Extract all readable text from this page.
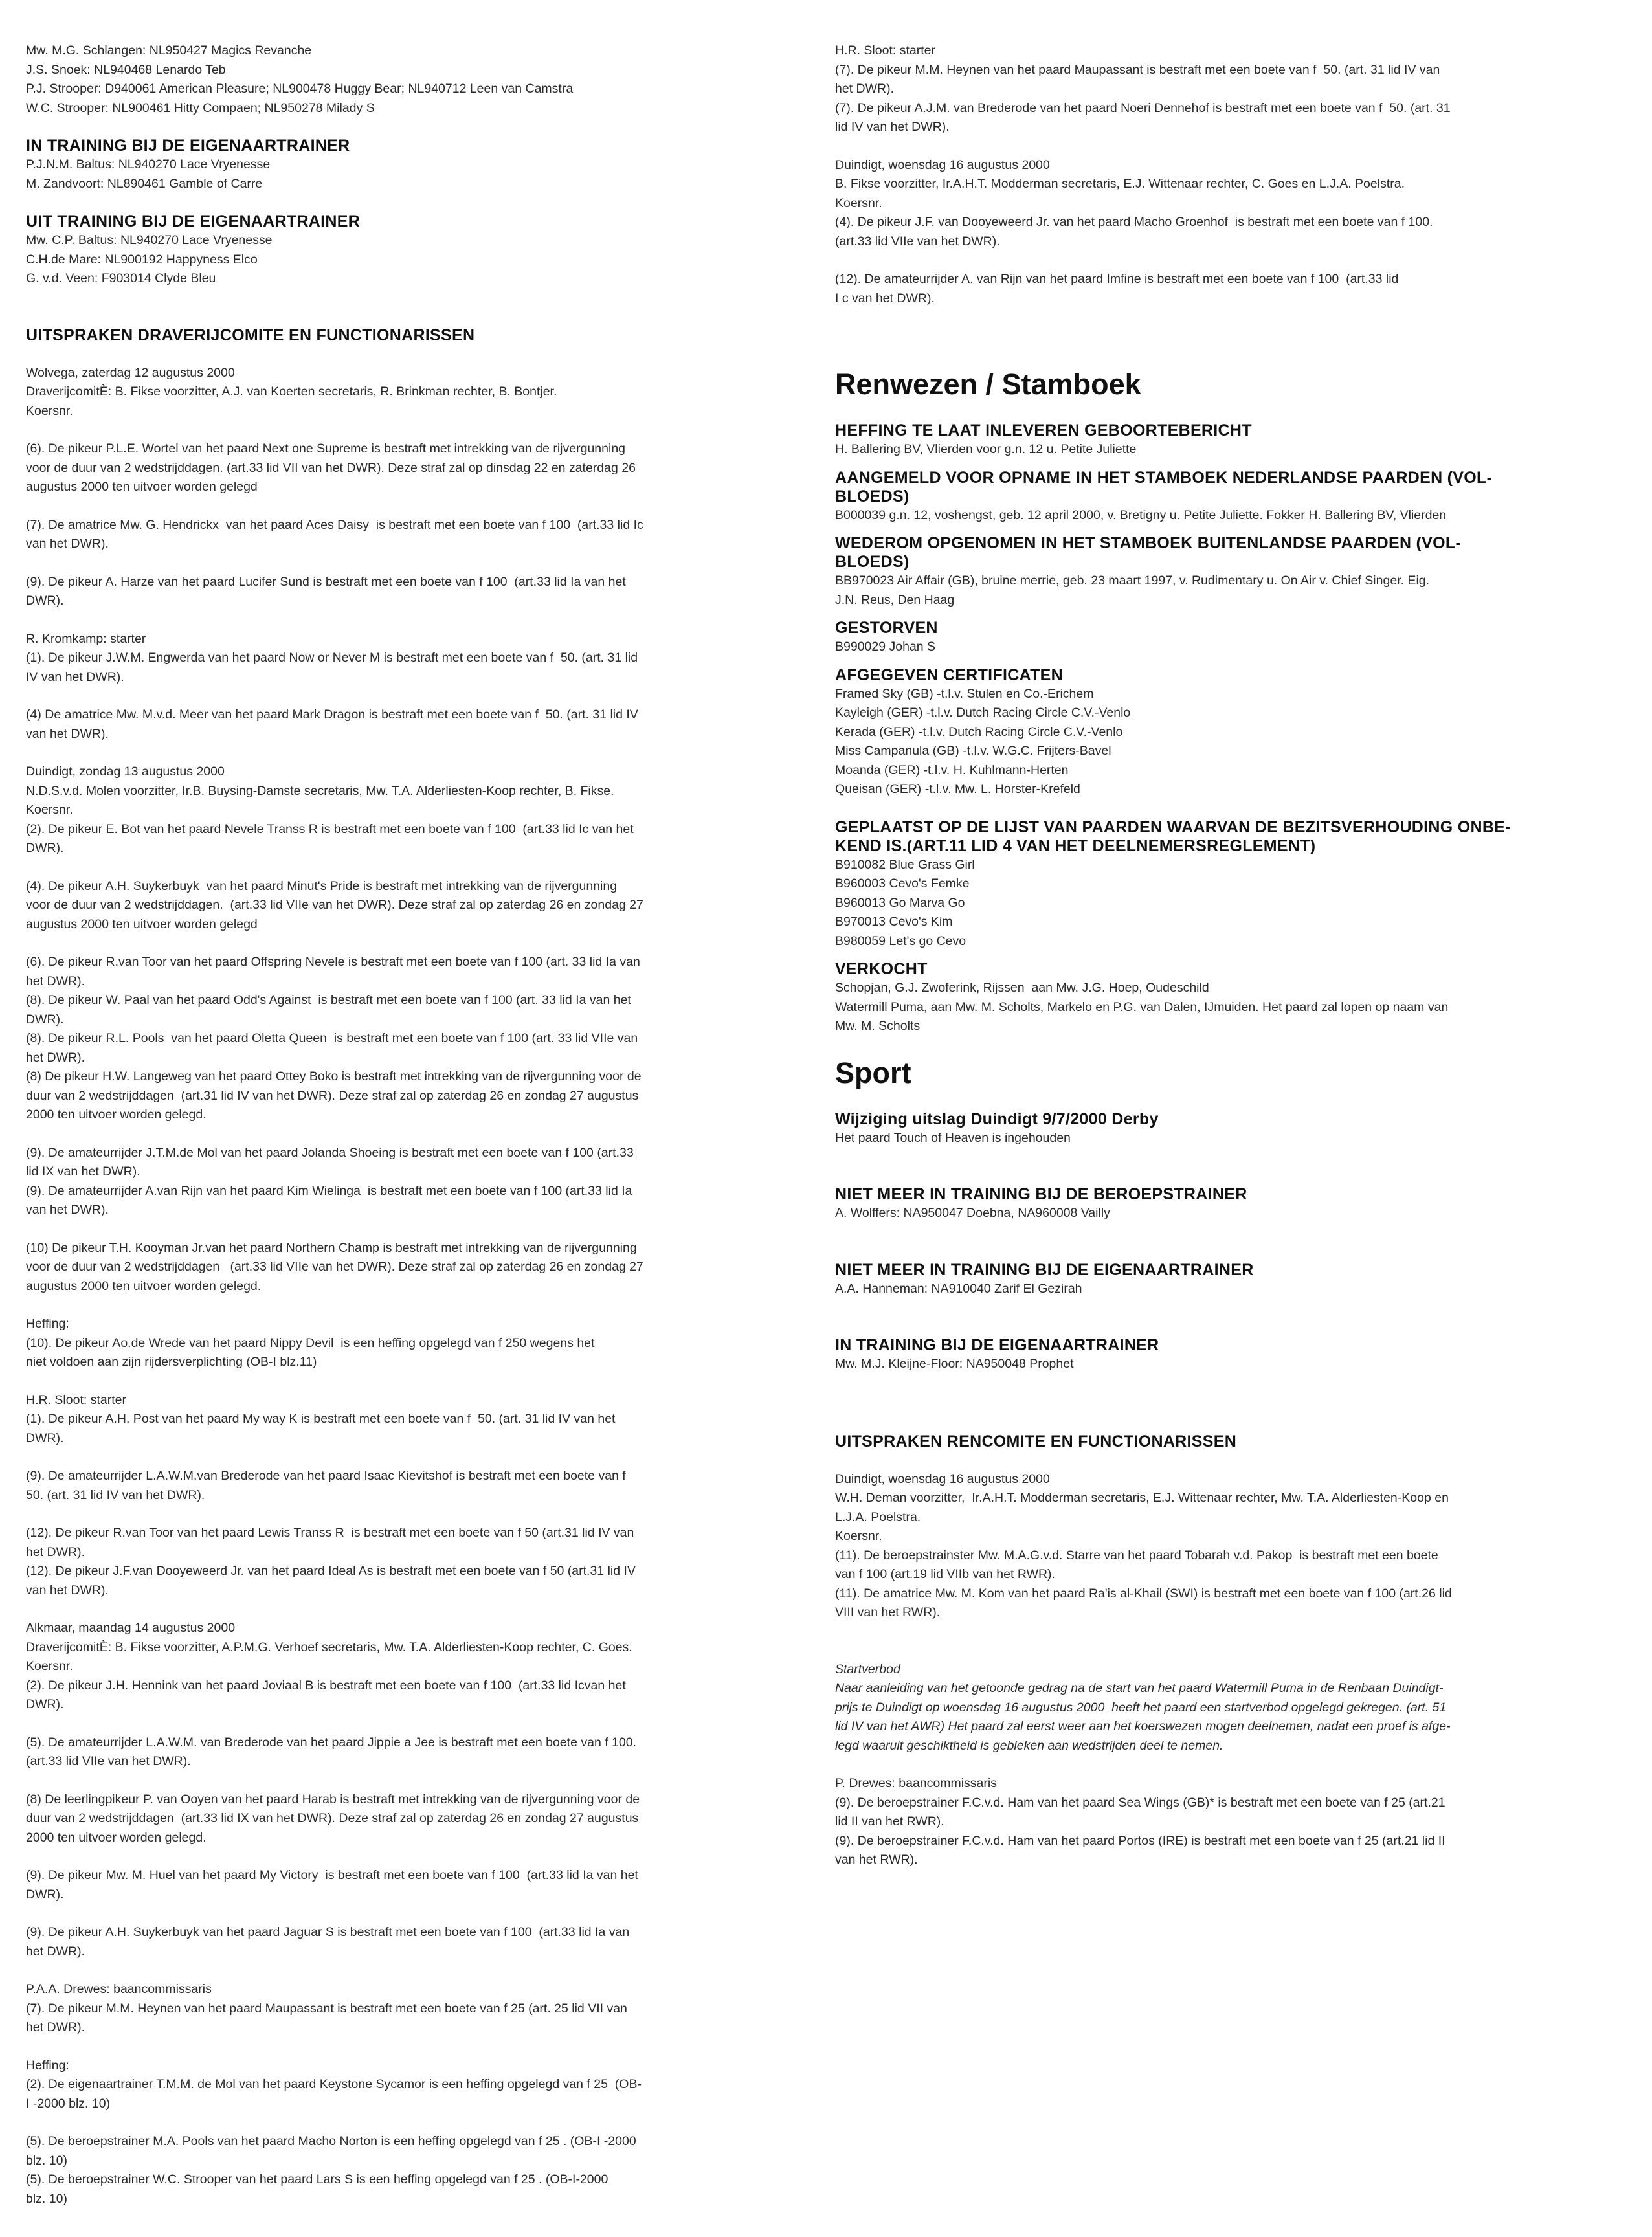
Mw. M.G. Schlangen: NL950427 Magics Revanche
J.S. Snoek: NL940468 Lenardo Teb
P.J. Strooper: D940061 American Pleasure; NL900478 Huggy Bear; NL940712 Leen van Camstra
W.C. Strooper: NL900461 Hitty Compaen; NL950278 Milady S
IN TRAINING BIJ DE EIGENAARTRAINER
P.J.N.M. Baltus: NL940270 Lace Vryenesse
M. Zandvoort: NL890461 Gamble of Carre
UIT TRAINING BIJ DE EIGENAARTRAINER
Mw. C.P. Baltus: NL940270 Lace Vryenesse
C.H.de Mare: NL900192 Happyness Elco
G. v.d. Veen: F903014 Clyde Bleu
UITSPRAKEN DRAVERIJCOMITE EN FUNCTIONARISSEN
Wolvega, zaterdag 12 augustus 2000
DraverijcomitÈ: B. Fikse voorzitter, A.J. van Koerten secretaris, R. Brinkman rechter, B. Bontjer.
Koersnr.
(6). De pikeur P.L.E. Wortel van het paard Next one Supreme is bestraft met intrekking van de rijvergunning
voor de duur van 2 wedstrijddagen. (art.33 lid VII van het DWR). Deze straf zal op dinsdag 22 en zaterdag 26
augustus 2000 ten uitvoer worden gelegd
(7). De amatrice Mw. G. Hendrickx  van het paard Aces Daisy  is bestraft met een boete van f 100  (art.33 lid Ic
van het DWR).
(9). De pikeur A. Harze van het paard Lucifer Sund is bestraft met een boete van f 100  (art.33 lid Ia van het
DWR).
R. Kromkamp: starter
(1). De pikeur J.W.M. Engwerda van het paard Now or Never M is bestraft met een boete van f  50. (art. 31 lid
IV van het DWR).
(4) De amatrice Mw. M.v.d. Meer van het paard Mark Dragon is bestraft met een boete van f  50. (art. 31 lid IV
van het DWR).
Duindigt, zondag 13 augustus 2000
N.D.S.v.d. Molen voorzitter, Ir.B. Buysing-Damste secretaris, Mw. T.A. Alderliesten-Koop rechter, B. Fikse.
Koersnr.
(2). De pikeur E. Bot van het paard Nevele Transs R is bestraft met een boete van f 100  (art.33 lid Ic van het
DWR).
(4). De pikeur A.H. Suykerbuyk  van het paard Minut's Pride is bestraft met intrekking van de rijvergunning
voor de duur van 2 wedstrijddagen.  (art.33 lid VIIe van het DWR). Deze straf zal op zaterdag 26 en zondag 27
augustus 2000 ten uitvoer worden gelegd
(6). De pikeur R.van Toor van het paard Offspring Nevele is bestraft met een boete van f 100 (art. 33 lid Ia van
het DWR).
(8). De pikeur W. Paal van het paard Odd's Against  is bestraft met een boete van f 100 (art. 33 lid Ia van het
DWR).
(8). De pikeur R.L. Pools  van het paard Oletta Queen  is bestraft met een boete van f 100 (art. 33 lid VIIe van
het DWR).
(8) De pikeur H.W. Langeweg van het paard Ottey Boko is bestraft met intrekking van de rijvergunning voor de
duur van 2 wedstrijddagen  (art.31 lid IV van het DWR). Deze straf zal op zaterdag 26 en zondag 27 augustus
2000 ten uitvoer worden gelegd.
(9). De amateurrijder J.T.M.de Mol van het paard Jolanda Shoeing is bestraft met een boete van f 100 (art.33
lid IX van het DWR).
(9). De amateurrijder A.van Rijn van het paard Kim Wielinga  is bestraft met een boete van f 100 (art.33 lid Ia
van het DWR).
(10) De pikeur T.H. Kooyman Jr.van het paard Northern Champ is bestraft met intrekking van de rijvergunning
voor de duur van 2 wedstrijddagen   (art.33 lid VIIe van het DWR). Deze straf zal op zaterdag 26 en zondag 27
augustus 2000 ten uitvoer worden gelegd.
Heffing:
(10). De pikeur Ao.de Wrede van het paard Nippy Devil  is een heffing opgelegd van f 250 wegens het
niet voldoen aan zijn rijdersverplichting (OB-I blz.11)
H.R. Sloot: starter
(1). De pikeur A.H. Post van het paard My way K is bestraft met een boete van f  50. (art. 31 lid IV van het
DWR).
(9). De amateurrijder L.A.W.M.van Brederode van het paard Isaac Kievitshof is bestraft met een boete van f
50. (art. 31 lid IV van het DWR).
(12). De pikeur R.van Toor van het paard Lewis Transs R  is bestraft met een boete van f 50 (art.31 lid IV van
het DWR).
(12). De pikeur J.F.van Dooyeweerd Jr. van het paard Ideal As is bestraft met een boete van f 50 (art.31 lid IV
van het DWR).
Alkmaar, maandag 14 augustus 2000
DraverijcomitÈ: B. Fikse voorzitter, A.P.M.G. Verhoef secretaris, Mw. T.A. Alderliesten-Koop rechter, C. Goes.
Koersnr.
(2). De pikeur J.H. Hennink van het paard Joviaal B is bestraft met een boete van f 100  (art.33 lid Icvan het
DWR).
(5). De amateurrijder L.A.W.M. van Brederode van het paard Jippie a Jee is bestraft met een boete van f 100.
(art.33 lid VIIe van het DWR).
(8) De leerlingpikeur P. van Ooyen van het paard Harab is bestraft met intrekking van de rijvergunning voor de
duur van 2 wedstrijddagen  (art.33 lid IX van het DWR). Deze straf zal op zaterdag 26 en zondag 27 augustus
2000 ten uitvoer worden gelegd.
(9). De pikeur Mw. M. Huel van het paard My Victory  is bestraft met een boete van f 100  (art.33 lid Ia van het
DWR).
(9). De pikeur A.H. Suykerbuyk van het paard Jaguar S is bestraft met een boete van f 100  (art.33 lid Ia van
het DWR).
P.A.A. Drewes: baancommissaris
(7). De pikeur M.M. Heynen van het paard Maupassant is bestraft met een boete van f 25 (art. 25 lid VII van
het DWR).
Heffing:
(2). De eigenaartrainer T.M.M. de Mol van het paard Keystone Sycamor is een heffing opgelegd van f 25  (OB-
I -2000 blz. 10)
(5). De beroepstrainer M.A. Pools van het paard Macho Norton is een heffing opgelegd van f 25 . (OB-I -2000
blz. 10)
(5). De beroepstrainer W.C. Strooper van het paard Lars S is een heffing opgelegd van f 25 . (OB-I-2000
blz. 10)
H.R. Sloot: starter
(7). De pikeur M.M. Heynen van het paard Maupassant is bestraft met een boete van f  50. (art. 31 lid IV van
het DWR).
(7). De pikeur A.J.M. van Brederode van het paard Noeri Dennehof is bestraft met een boete van f  50. (art. 31
lid IV van het DWR).
Duindigt, woensdag 16 augustus 2000
B. Fikse voorzitter, Ir.A.H.T. Modderman secretaris, E.J. Wittenaar rechter, C. Goes en L.J.A. Poelstra.
Koersnr.
(4). De pikeur J.F. van Dooyeweerd Jr. van het paard Macho Groenhof  is bestraft met een boete van f 100.
(art.33 lid VIIe van het DWR).
(12). De amateurrijder A. van Rijn van het paard Imfine is bestraft met een boete van f 100  (art.33 lid
I c van het DWR).
Renwezen / Stamboek
HEFFING TE LAAT INLEVEREN GEBOORTEBERICHT
H. Ballering BV, Vlierden voor g.n. 12 u. Petite Juliette
AANGEMELD VOOR OPNAME IN HET STAMBOEK NEDERLANDSE PAARDEN (VOL-
BLOEDS)
B000039 g.n. 12, voshengst, geb. 12 april 2000, v. Bretigny u. Petite Juliette. Fokker H. Ballering BV, Vlierden
WEDEROM OPGENOMEN IN HET STAMBOEK BUITENLANDSE PAARDEN (VOL-
BLOEDS)
BB970023 Air Affair (GB), bruine merrie, geb. 23 maart 1997, v. Rudimentary u. On Air v. Chief Singer. Eig.
J.N. Reus, Den Haag
GESTORVEN
B990029 Johan S
AFGEGEVEN CERTIFICATEN
Framed Sky (GB) -t.l.v. Stulen en Co.-Erichem
Kayleigh (GER) -t.l.v. Dutch Racing Circle C.V.-Venlo
Kerada (GER) -t.l.v. Dutch Racing Circle C.V.-Venlo
Miss Campanula (GB) -t.l.v. W.G.C. Frijters-Bavel
Moanda (GER) -t.l.v. H. Kuhlmann-Herten
Queisan (GER) -t.l.v. Mw. L. Horster-Krefeld
GEPLAATST OP DE LIJST VAN PAARDEN WAARVAN DE BEZITSVERHOUDING ONBE-
KEND IS.(ART.11 LID 4 VAN HET DEELNEMERSREGLEMENT)
B910082 Blue Grass Girl
B960003 Cevo's Femke
B960013 Go Marva Go
B970013 Cevo's Kim
B980059 Let's go Cevo
VERKOCHT
Schopjan, G.J. Zwoferink, Rijssen  aan Mw. J.G. Hoep, Oudeschild
Watermill Puma, aan Mw. M. Scholts, Markelo en P.G. van Dalen, IJmuiden. Het paard zal lopen op naam van
Mw. M. Scholts
Sport
Wijziging uitslag Duindigt 9/7/2000 Derby
Het paard Touch of Heaven is ingehouden
NIET MEER IN TRAINING BIJ DE BEROEPSTRAINER
A. Wolffers: NA950047 Doebna, NA960008 Vailly
NIET MEER IN TRAINING BIJ DE EIGENAARTRAINER
A.A. Hanneman: NA910040 Zarif El Gezirah
IN TRAINING BIJ DE EIGENAARTRAINER
Mw. M.J. Kleijne-Floor: NA950048 Prophet
UITSPRAKEN RENCOMITE EN FUNCTIONARISSEN
Duindigt, woensdag 16 augustus 2000
W.H. Deman voorzitter,  Ir.A.H.T. Modderman secretaris, E.J. Wittenaar rechter, Mw. T.A. Alderliesten-Koop en
L.J.A. Poelstra.
Koersnr.
(11). De beroepstrainster Mw. M.A.G.v.d. Starre van het paard Tobarah v.d. Pakop  is bestraft met een boete
van f 100 (art.19 lid VIIb van het RWR).
(11). De amatrice Mw. M. Kom van het paard Ra'is al-Khail (SWI) is bestraft met een boete van f 100 (art.26 lid
VIII van het RWR).
Startverbod
Naar aanleiding van het getoonde gedrag na de start van het paard Watermill Puma in de Renbaan Duindigt-
prijs te Duindigt op woensdag 16 augustus 2000  heeft het paard een startverbod opgelegd gekregen. (art. 51
lid IV van het AWR) Het paard zal eerst weer aan het koerswezen mogen deelnemen, nadat een proef is afge-
legd waaruit geschiktheid is gebleken aan wedstrijden deel te nemen.
P. Drewes: baancommissaris
(9). De beroepstrainer F.C.v.d. Ham van het paard Sea Wings (GB)* is bestraft met een boete van f 25 (art.21
lid II van het RWR).
(9). De beroepstrainer F.C.v.d. Ham van het paard Portos (IRE) is bestraft met een boete van f 25 (art.21 lid II
van het RWR).
